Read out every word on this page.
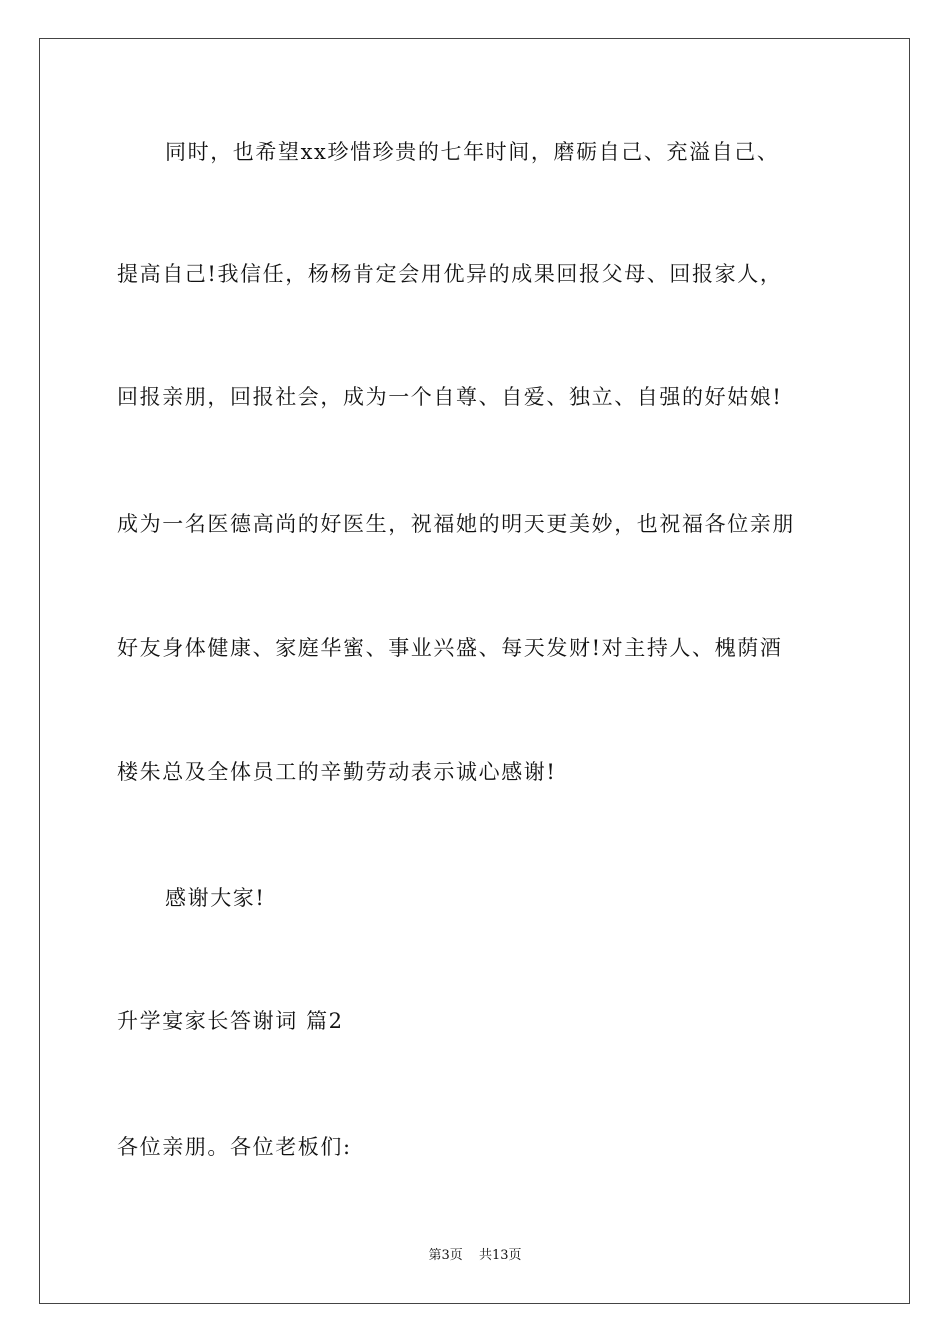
同时，也希望xx珍惜珍贵的七年时间，磨砺自己、充溢自己、
提高自己!我信任，杨杨肯定会用优异的成果回报父母、回报家人，
回报亲朋，回报社会，成为一个自尊、自爱、独立、自强的好姑娘!
成为一名医德高尚的好医生，祝福她的明天更美妙，也祝福各位亲朋
好友身体健康、家庭华蜜、事业兴盛、每天发财!对主持人、槐荫酒
楼朱总及全体员工的辛勤劳动表示诚心感谢!
感谢大家!
升学宴家长答谢词 篇2
各位亲朋。各位老板们:
第3页 共13页
